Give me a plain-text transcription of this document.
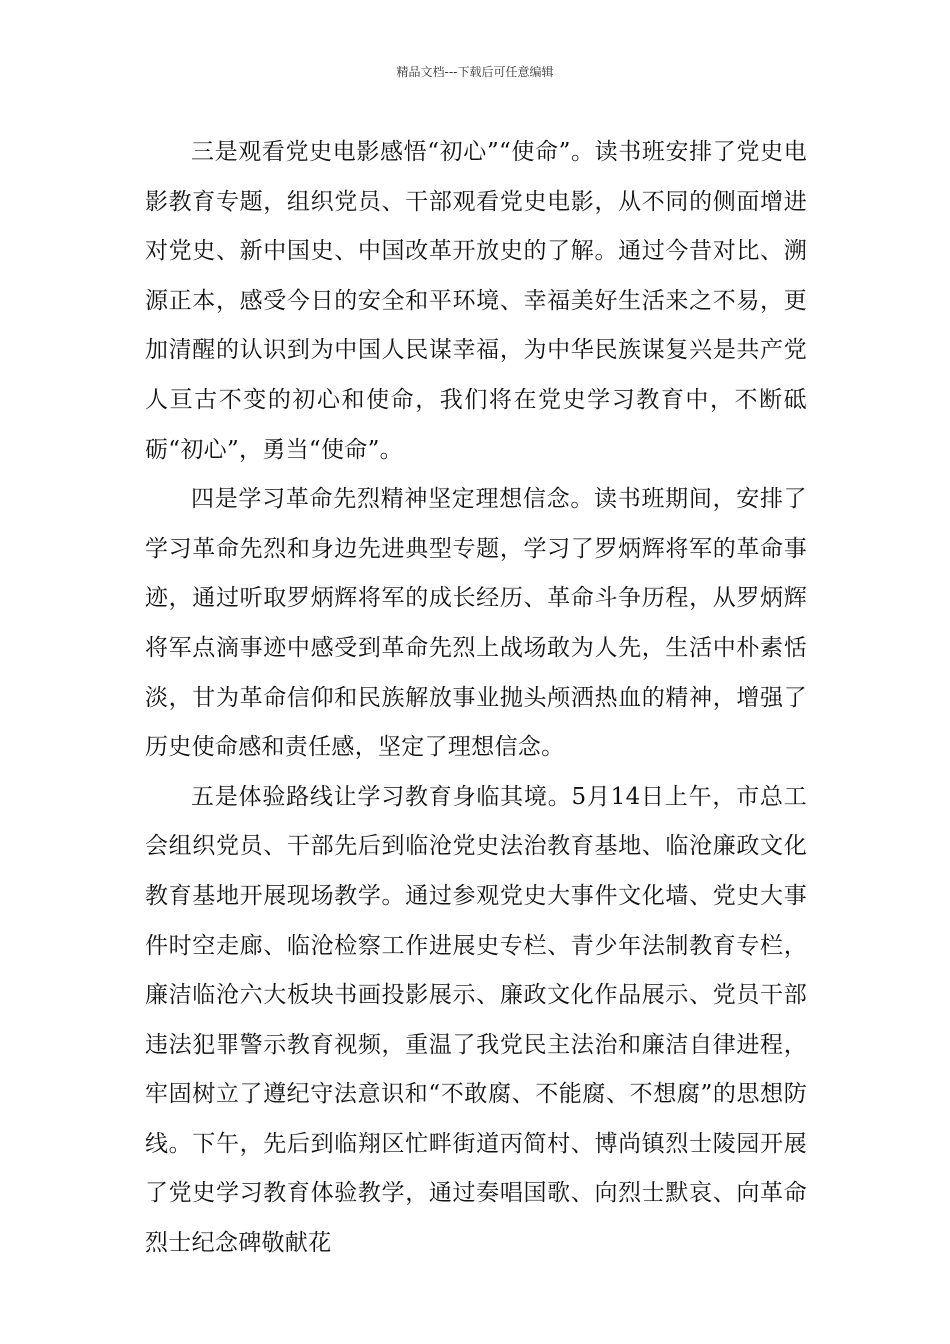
精品文档---下载后可任意编辑

三是观看党史电影感悟“初心”“使命”。读书班安排了党史电影教育专题，组织党员、干部观看党史电影，从不同的侧面增进对党史、新中国史、中国改革开放史的了解。通过今昔对比、溯源正本，感受今日的安全和平环境、幸福美好生活来之不易，更加清醒的认识到为中国人民谋幸福，为中华民族谋复兴是共产党人亘古不变的初心和使命，我们将在党史学习教育中，不断砥砺“初心”，勇当“使命”。

四是学习革命先烈精神坚定理想信念。读书班期间，安排了学习革命先烈和身边先进典型专题，学习了罗炳辉将军的革命事迹，通过听取罗炳辉将军的成长经历、革命斗争历程，从罗炳辉将军点滴事迹中感受到革命先烈上战场敢为人先，生活中朴素恬淡，甘为革命信仰和民族解放事业抛头颅洒热血的精神，增强了历史使命感和责任感，坚定了理想信念。

五是体验路线让学习教育身临其境。5月14日上午，市总工会组织党员、干部先后到临沧党史法治教育基地、临沧廉政文化教育基地开展现场教学。通过参观党史大事件文化墙、党史大事件时空走廊、临沧检察工作进展史专栏、青少年法制教育专栏，廉洁临沧六大板块书画投影展示、廉政文化作品展示、党员干部违法犯罪警示教育视频，重温了我党民主法治和廉洁自律进程，牢固树立了遵纪守法意识和“不敢腐、不能腐、不想腐”的思想防线。下午，先后到临翔区忙畔街道丙简村、博尚镇烈士陵园开展了党史学习教育体验教学，通过奏唱国歌、向烈士默哀、向革命烈士纪念碑敬献花
